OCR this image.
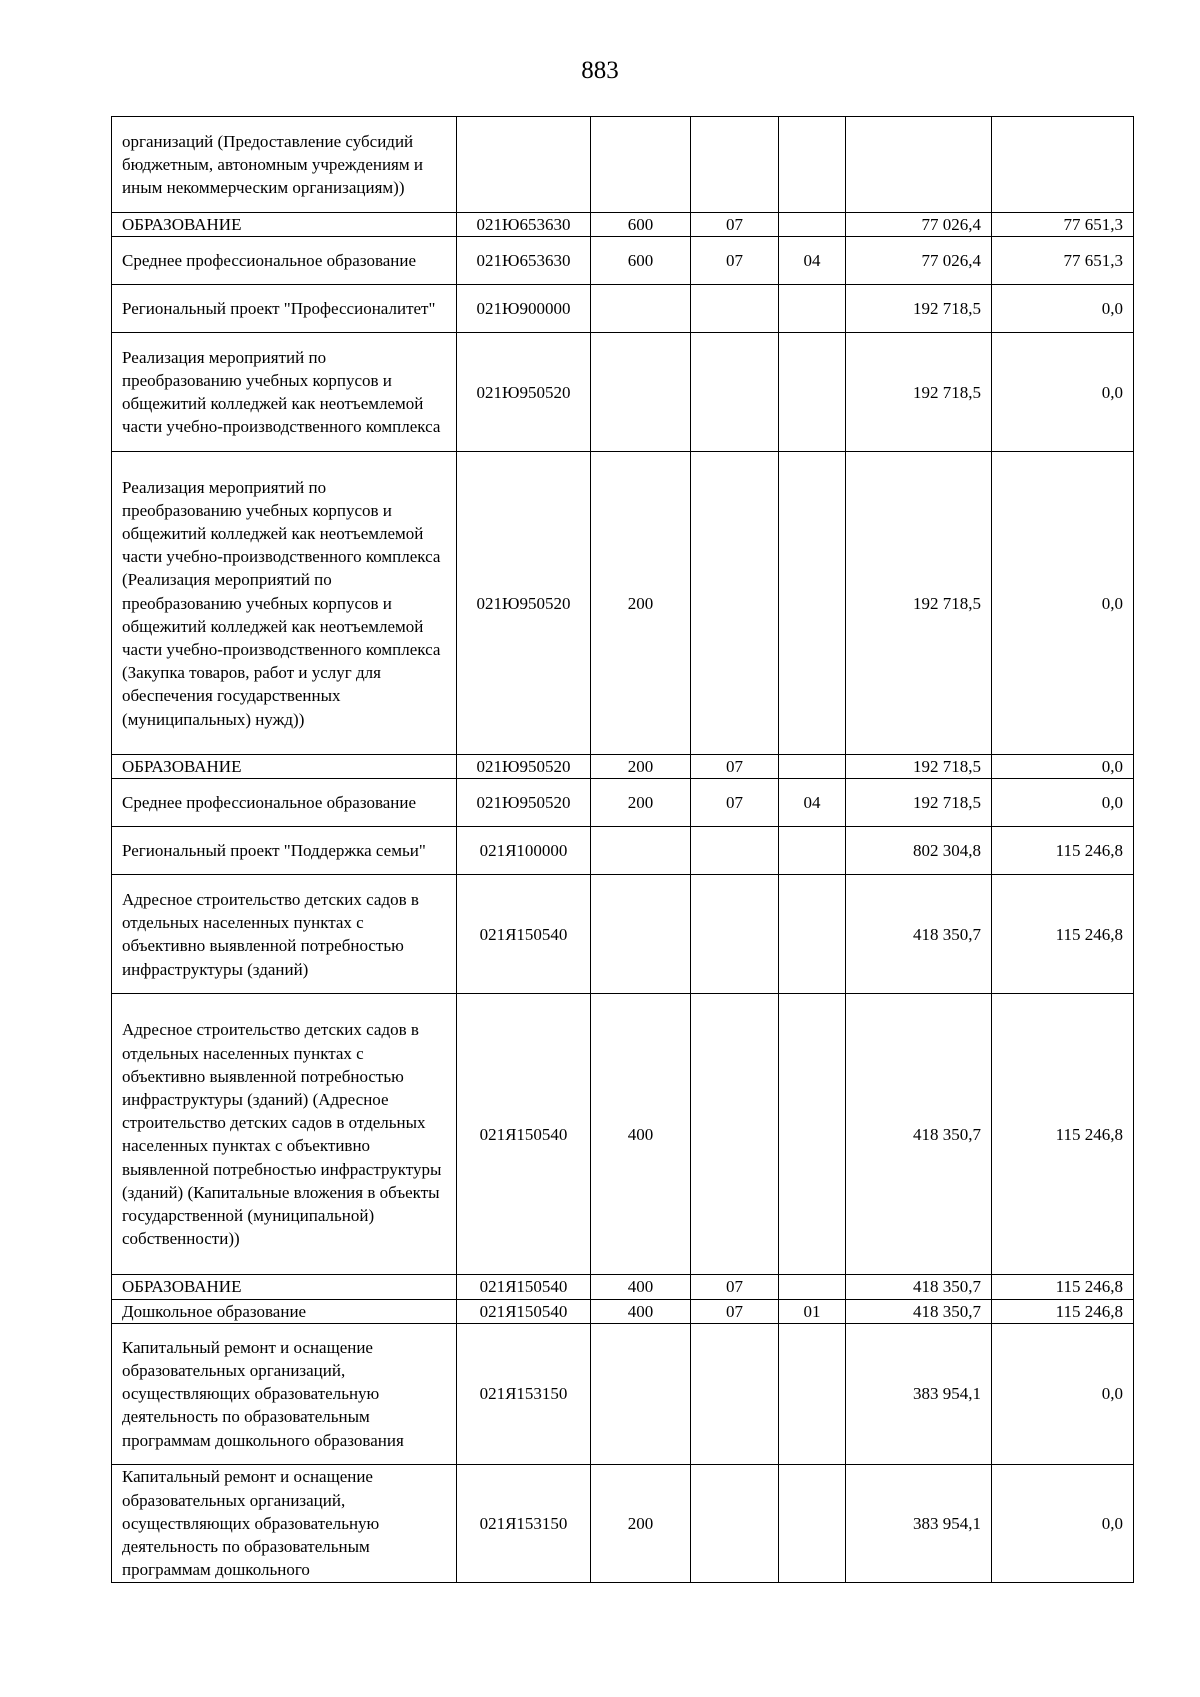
883
организаций (Предоставление субсидий бюджетным, автономным учреждениям и иным некоммерческим организациям))						
ОБРАЗОВАНИЕ	021Ю653630	600	07		77 026,4	77 651,3
Среднее профессиональное образование	021Ю653630	600	07	04	77 026,4	77 651,3
Региональный проект "Профессионалитет"	021Ю900000				192 718,5	0,0
Реализация мероприятий по преобразованию учебных корпусов и общежитий колледжей как неотъемлемой части учебно-производственного комплекса	021Ю950520				192 718,5	0,0
Реализация мероприятий по преобразованию учебных корпусов и общежитий колледжей как неотъемлемой части учебно-производственного комплекса (Реализация мероприятий по преобразованию учебных корпусов и общежитий колледжей как неотъемлемой части учебно-производственного комплекса (Закупка товаров, работ и услуг для обеспечения государственных (муниципальных) нужд))	021Ю950520	200			192 718,5	0,0
ОБРАЗОВАНИЕ	021Ю950520	200	07		192 718,5	0,0
Среднее профессиональное образование	021Ю950520	200	07	04	192 718,5	0,0
Региональный проект "Поддержка семьи"	021Я100000				802 304,8	115 246,8
Адресное строительство детских садов в отдельных населенных пунктах с объективно выявленной потребностью инфраструктуры (зданий)	021Я150540				418 350,7	115 246,8
Адресное строительство детских садов в отдельных населенных пунктах с объективно выявленной потребностью инфраструктуры (зданий) (Адресное строительство детских садов в отдельных населенных пунктах с объективно выявленной потребностью инфраструктуры (зданий) (Капитальные вложения в объекты государственной (муниципальной) собственности))	021Я150540	400			418 350,7	115 246,8
ОБРАЗОВАНИЕ	021Я150540	400	07		418 350,7	115 246,8
Дошкольное образование	021Я150540	400	07	01	418 350,7	115 246,8
Капитальный ремонт и оснащение образовательных организаций, осуществляющих образовательную деятельность по образовательным программам дошкольного образования	021Я153150				383 954,1	0,0
Капитальный ремонт и оснащение образовательных организаций, осуществляющих образовательную деятельность по образовательным программам дошкольного	021Я153150	200			383 954,1	0,0
